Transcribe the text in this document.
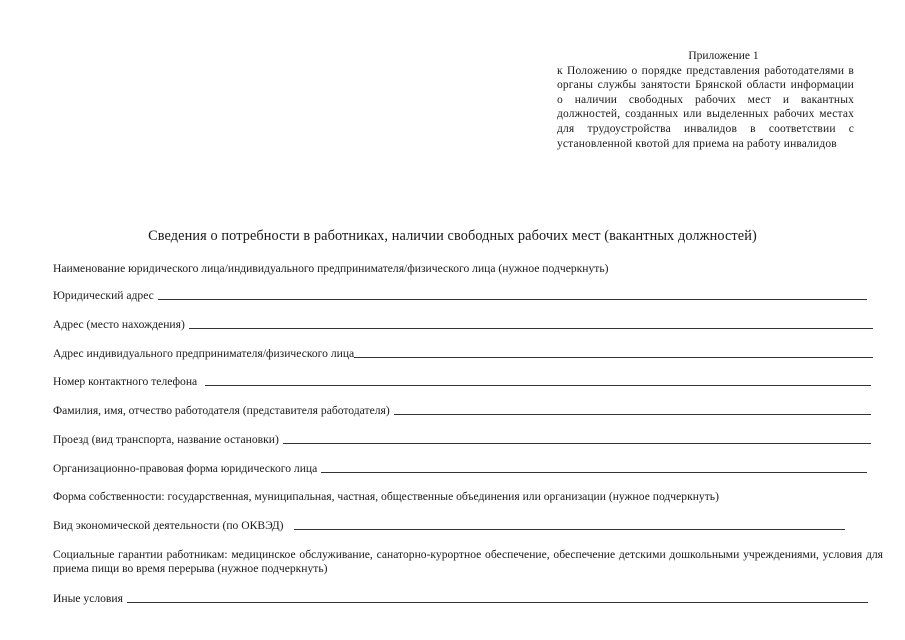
Приложение 1
к Положению о порядке представления работодателями в органы службы занятости Брянской области информации о наличии свободных рабочих мест и вакантных должностей, созданных или выделенных рабочих местах для трудоустройства инвалидов в соответствии с установленной квотой для приема на работу инвалидов
Сведения о потребности в работниках, наличии свободных рабочих мест (вакантных должностей)
Наименование юридического лица/индивидуального предпринимателя/физического лица (нужное подчеркнуть)
Юридический адрес
Адрес (место нахождения)
Адрес индивидуального предпринимателя/физического лица
Номер контактного телефона
Фамилия, имя, отчество работодателя (представителя работодателя)
Проезд (вид транспорта, название остановки)
Организационно-правовая форма юридического лица
Форма собственности: государственная, муниципальная, частная, общественные объединения или организации (нужное подчеркнуть)
Вид экономической деятельности (по ОКВЭД)
Социальные гарантии работникам: медицинское обслуживание, санаторно-курортное обеспечение, обеспечение детскими дошкольными учреждениями, условия для приема пищи во время перерыва (нужное подчеркнуть)
Иные условия
